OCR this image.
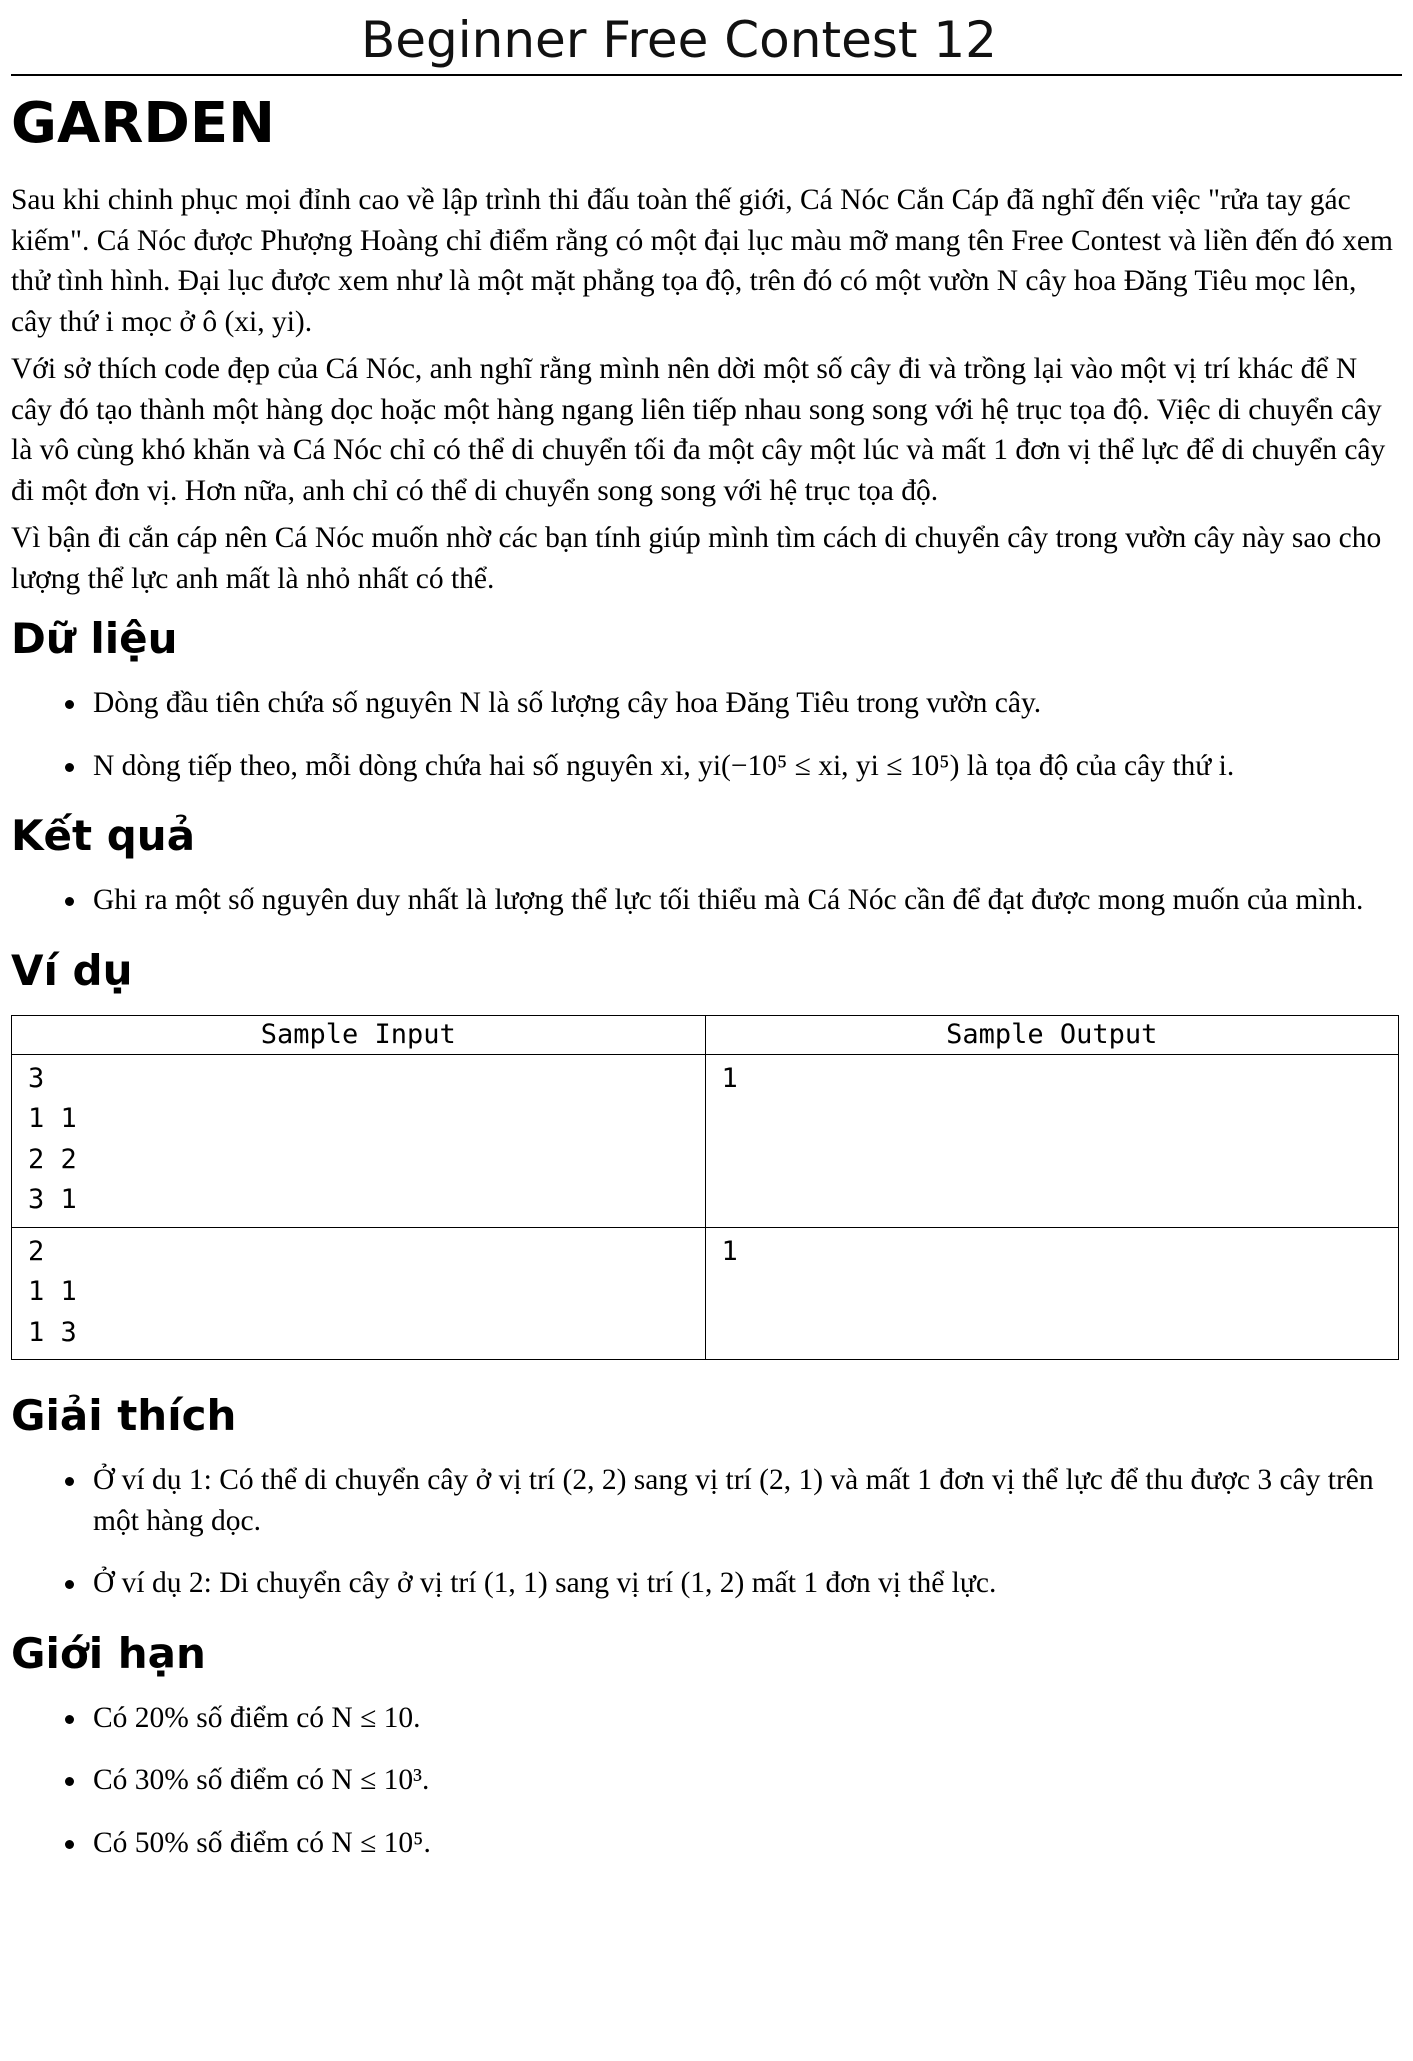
Beginner Free Contest 12
GARDEN

Sau khi chinh phục mọi đỉnh cao về lập trình thi đấu toàn thế giới, Cá Nóc Cắn Cáp đã nghĩ đến việc "rửa tay gác kiếm". Cá Nóc được Phượng Hoàng chỉ điểm rằng có một đại lục màu mỡ mang tên Free Contest và liền đến đó xem thử tình hình. Đại lục được xem như là một mặt phẳng tọa độ, trên đó có một vườn N cây hoa Đăng Tiêu mọc lên, cây thứ i mọc ở ô (xi, yi).

Với sở thích code đẹp của Cá Nóc, anh nghĩ rằng mình nên dời một số cây đi và trồng lại vào một vị trí khác để N cây đó tạo thành một hàng dọc hoặc một hàng ngang liên tiếp nhau song song với hệ trục tọa độ. Việc di chuyển cây là vô cùng khó khăn và Cá Nóc chỉ có thể di chuyển tối đa một cây một lúc và mất 1 đơn vị thể lực để di chuyển cây đi một đơn vị. Hơn nữa, anh chỉ có thể di chuyển song song với hệ trục tọa độ.

Vì bận đi cắn cáp nên Cá Nóc muốn nhờ các bạn tính giúp mình tìm cách di chuyển cây trong vườn cây này sao cho lượng thể lực anh mất là nhỏ nhất có thể.

Dữ liệu
Dòng đầu tiên chứa số nguyên N là số lượng cây hoa Đăng Tiêu trong vườn cây.
N dòng tiếp theo, mỗi dòng chứa hai số nguyên xi, yi(−10⁵ ≤ xi, yi ≤ 10⁵) là tọa độ của cây thứ i.
Kết quả
Ghi ra một số nguyên duy nhất là lượng thể lực tối thiểu mà Cá Nóc cần để đạt được mong muốn của mình.
Ví dụ
Sample Input	Sample Output

3
1 1
2 2
3 1	1

2
1 1
1 3	1
Giải thích
Ở ví dụ 1: Có thể di chuyển cây ở vị trí (2, 2) sang vị trí (2, 1) và mất 1 đơn vị thể lực để thu được 3 cây trên một hàng dọc.
Ở ví dụ 2: Di chuyển cây ở vị trí (1, 1) sang vị trí (1, 2) mất 1 đơn vị thể lực.
Giới hạn
Có 20% số điểm có N ≤ 10.
Có 30% số điểm có N ≤ 10³.
Có 50% số điểm có N ≤ 10⁵.
